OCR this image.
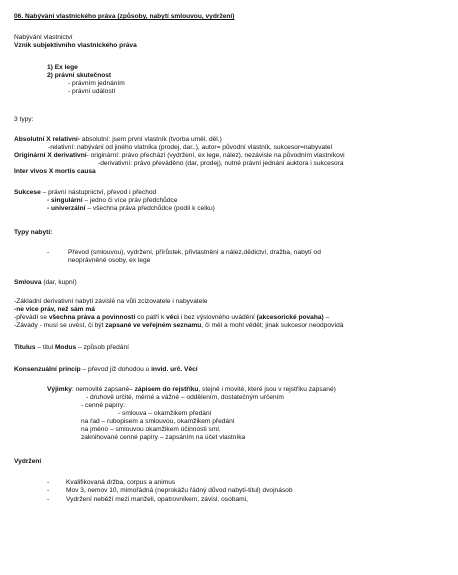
06. Nabývání vlastnického práva (způsoby, nabytí smlouvou, vydržení)
Nabývání vlastnictví
Vznik subjektivního vlastnického práva
1) Ex lege
2) právní skutečnost
- právním jednáním
- právní událostí
3 typy:
Absolutní X relativní- absolutní: jsem první vlastník (tvorba uměl. děl.)
-relativní: nabývání od jiného vlatníka (prodej, dar..), autor= původní vlastník, sukcesor=nabyvatel
Originární X derivativní- originární: právo přechází (vydržení, ex lege, nález), nezávisle na původním vlastníkovi
-derivativní: právo převáděno (dar, prodej), nutné právní jednání auktora i sukcesora
Inter vivos X mortis causa
Sukcese – právní nástupnictví, převod i přechod
- singulární – jedno či více práv předchůdce
- univerzální – všechna práva předchůdce (podíl k celku)
Typy nabytí:
-	Převod (smlouvou), vydržení, přírůstek, přivlastnění a nález,dědictví, dražba, nabytí od
neoprávněné osoby, ex lege
Smlouva (dar, kupní)
-Základní derivativní nabytí závislé na vůli zcizovatele i nabyvatele
-ne více práv, než sám má
-převádí se všechna práva a povinnosti co patří k věci i bez výslovného uvádění (akcesorické povaha) –
-Závady - musí se uvést, či být zapsané ve veřejném seznamu, či měl a mohl vědět; jinak sukcesor neodpovídá
Titulus – titul Modus – způsob předání
Konsenzuální princip – převod již dohodou u invid. urč. Věcí
Výjimky: nemovité zapsané– zápisem do rejstříku, stejně i movité, které jsou v rejstříku zapsané)
- druhově určité, měrné a vážné – oddělením, dostatečným určením
- cenné papíry:
- smlouva – okamžikem předání
na řad – rubopisem a smlouvou, okamžikem předání
na jméno – smlouvou okamžikem účinnosti sml.
zaknihované cenné papíry – zapsáním na účet vlastníka
Vydržení
-	Kvalifikovaná držba, corpus a animus
-	Mov 3, nemov 10, mimořádná (neprokážu řádný důvod nabytí-titul) dvojnásob
-	Vydržení neběží mezi manželi, opatrovníkem, závisl. osobami,
